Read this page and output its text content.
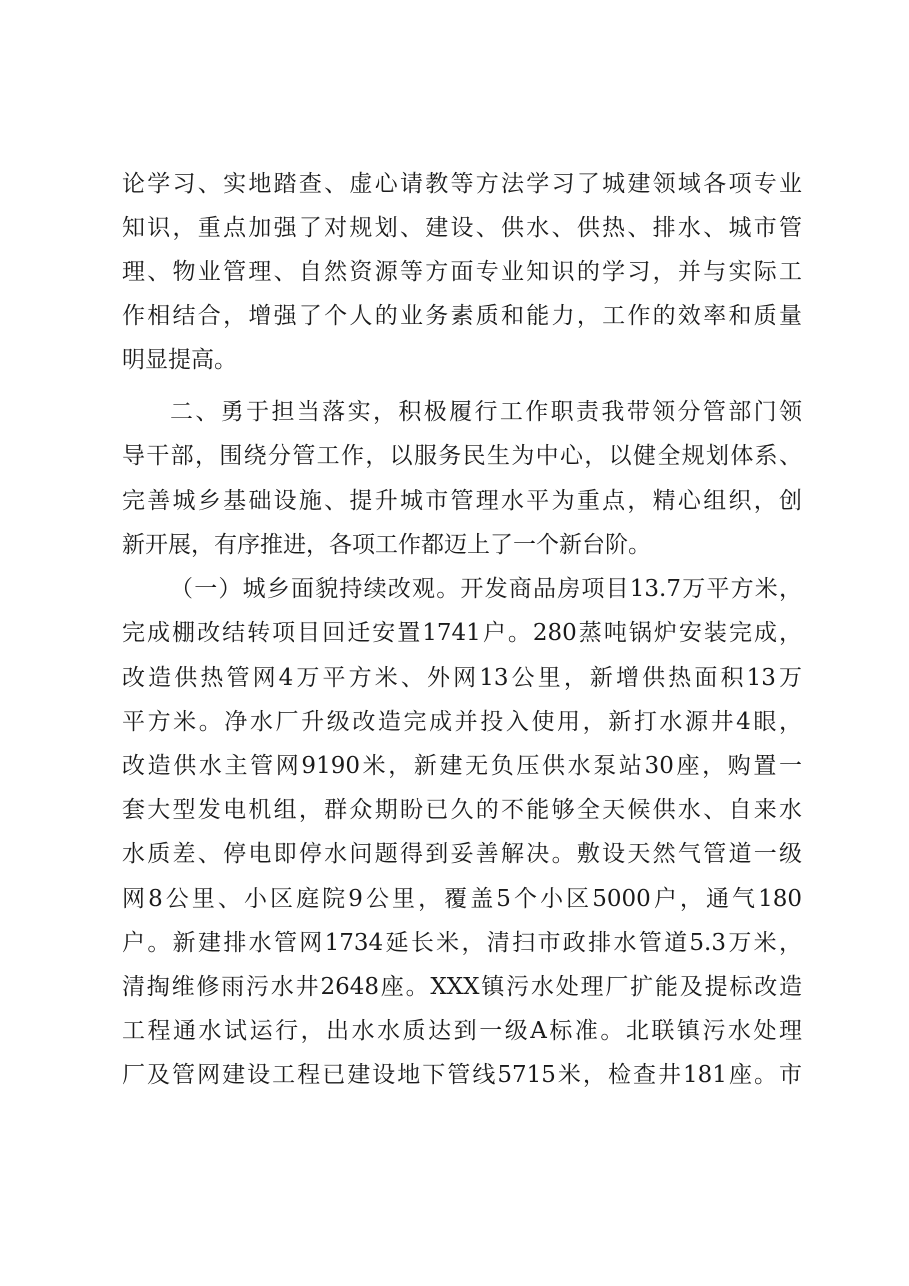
论学习、实地踏查、虚心请教等方法学习了城建领域各项专业
知识，重点加强了对规划、建设、供水、供热、排水、城市管
理、物业管理、自然资源等方面专业知识的学习，并与实际工
作相结合，增强了个人的业务素质和能力，工作的效率和质量
明显提高。
二、勇于担当落实，积极履行工作职责我带领分管部门领
导干部，围绕分管工作，以服务民生为中心，以健全规划体系、
完善城乡基础设施、提升城市管理水平为重点，精心组织，创
新开展，有序推进，各项工作都迈上了一个新台阶。
（一）城乡面貌持续改观。开发商品房项目13.7万平方米，
完成棚改结转项目回迁安置1741户。280蒸吨锅炉安装完成，
改造供热管网4万平方米、外网13公里，新增供热面积13万
平方米。净水厂升级改造完成并投入使用，新打水源井4眼，
改造供水主管网9190米，新建无负压供水泵站30座，购置一
套大型发电机组，群众期盼已久的不能够全天候供水、自来水
水质差、停电即停水问题得到妥善解决。敷设天然气管道一级
网8公里、小区庭院9公里，覆盖5个小区5000户，通气180
户。新建排水管网1734延长米，清扫市政排水管道5.3万米，
清掏维修雨污水井2648座。XXX镇污水处理厂扩能及提标改造
工程通水试运行，出水水质达到一级A标准。北联镇污水处理
厂及管网建设工程已建设地下管线5715米，检查井181座。市
